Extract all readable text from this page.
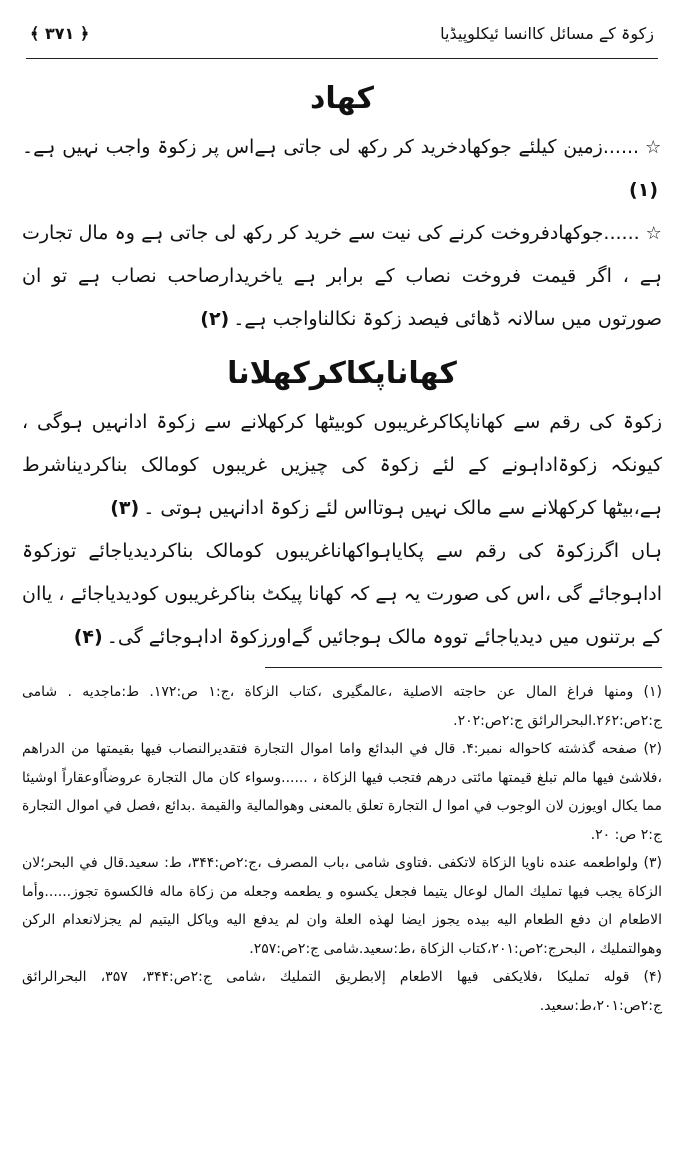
زکوۃ کے مسائل کاانسا ئیکلوپیڈیا
﴾ ۳۷۱ ﴿
کھاد

☆......زمین کیلئے جوکھادخرید کر رکھ لی جاتی ہےاس پر زکوۃ واجب نہیں ہے۔(۱)

☆......جوکھادفروخت کرنے کی نیت سے خرید کر رکھ لی جاتی ہے وہ مال تجارت ہے ، اگر قیمت فروخت نصاب کے برابر ہے یاخریدارصاحب نصاب ہے تو ان صورتوں میں سالانہ ڈھائی فیصد زکوۃ نکالناواجب ہے۔(۲)

کھاناپکاکرکھلانا

زکوۃ کی رقم سے کھاناپکاکرغریبوں کوبیٹھا کرکھلانے سے زکوۃ ادانہیں ہوگی ، کیونکہ زکوۃاداہونے کے لئے زکوۃ کی چیزیں غریبوں کومالک بناکردیناشرط ہے،بیٹھا کرکھلانے سے مالک نہیں ہوتااس لئے زکوۃ ادانہیں ہوتی ۔(۳)

ہاں اگرزکوۃ کی رقم سے پکایاہواکھاناغریبوں کومالک بناکردیدیاجائے توزکوۃ اداہوجائے گی ،اس کی صورت یہ ہے کہ کھانا پیکٹ بناکرغریبوں کودیدیاجائے ، یاان کے برتنوں میں دیدیاجائے تووہ مالک ہوجائیں گےاورزکوۃ اداہوجائے گی۔(۴)

(۱) ومنها فراغ المال عن حاجته الاصلية ،عالمگیری ،کتاب الزكاة ،ج:۱ ص:۱۷۲. ط:ماجدیه . شامی ج:۲ص:۲۶۲.البحرالرائق ج:۲ص:۲۰۲.

(۲) صفحه گذشته كاحواله نمبر:۴. قال في البدائع واما اموال التجارة فتقديرالنصاب فيها بقيمتها من الدراهم ،فلاشئ فيها مالم تبلغ قيمتها مائتى درهم فتجب فيها الزكاة ، ......وسواء كان مال التجارة عروضاًاوعقاراً اوشيئا مما يكال اويوزن لان الوجوب في اموا ل التجارة تعلق بالمعنى وهوالمالية والقيمة .بدائع ،فصل في اموال التجارة ج:۲ ص: ۲۰.

(۳) ولواطعمه عنده ناويا الزكاة لاتكفى .فتاوى شامى ،باب المصرف ،ج:۲ص:۳۴۴، ط: سعيد.قال في البحر؛لان الزكاة يجب فيها تمليك المال لوعال يتيما فجعل يكسوه و يطعمه وجعله من زكاة ماله فالكسوة تجوز......وأما الاطعام ان دفع الطعام اليه بيده يجوز ايضا لهذه العلة وان لم يدفع اليه وياكل اليتيم لم يجزلانعدام الركن وهوالتمليك ، البحرج:۲ص:۲۰۱،کتاب الزكاة ،ط:سعيد.شامى ج:۲ص:۲۵۷.

(۴) قوله تمليكا ،فلايكفى فيها الاطعام إلابطريق التمليك ،شامی ج:۲ص:۳۴۴، ۳۵۷، البحرالرائق ج:۲ص:۲۰۱،ط:سعيد.
